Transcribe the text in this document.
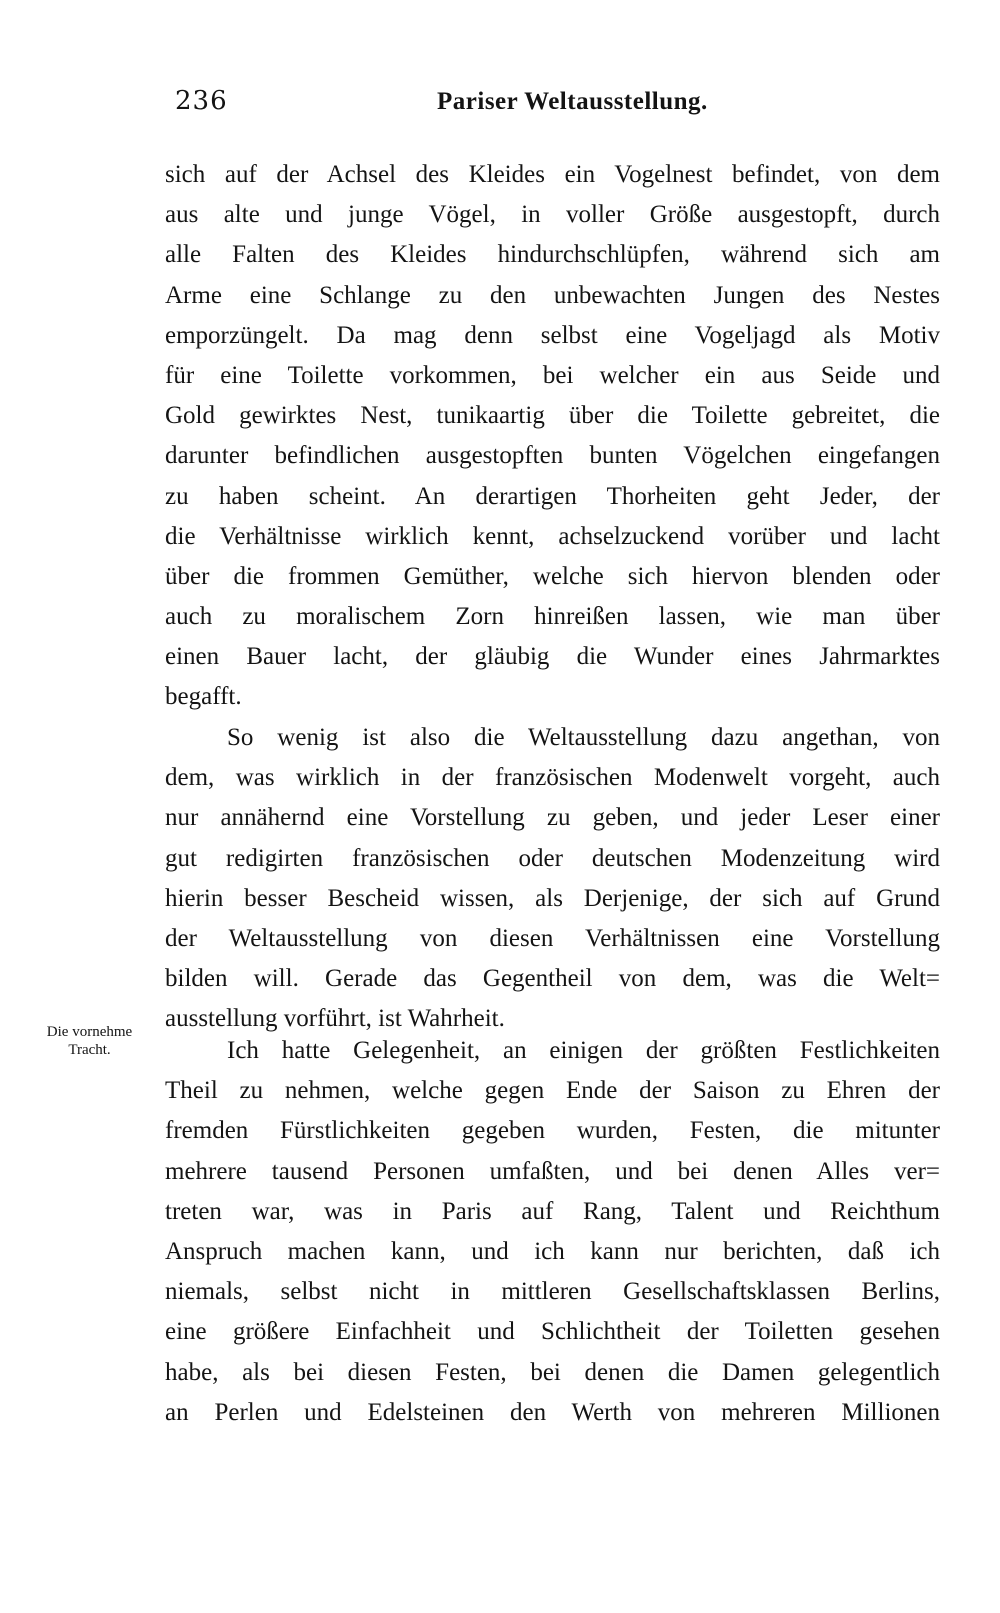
236	Pariser Weltausstellung.
sich auf der Achsel des Kleides ein Vogelnest befindet, von dem
aus alte und junge Vögel, in voller Größe ausgestopft, durch
alle Falten des Kleides hindurchschlüpfen, während sich am
Arme eine Schlange zu den unbewachten Jungen des Nestes
emporzüngelt. Da mag denn selbst eine Vogeljagd als Motiv
für eine Toilette vorkommen, bei welcher ein aus Seide und
Gold gewirktes Nest, tunikaartig über die Toilette gebreitet, die
darunter befindlichen ausgestopften bunten Vögelchen eingefangen
zu haben scheint. An derartigen Thorheiten geht Jeder, der
die Verhältnisse wirklich kennt, achselzuckend vorüber und lacht
über die frommen Gemüther, welche sich hiervon blenden oder
auch zu moralischem Zorn hinreißen lassen, wie man über
einen Bauer lacht, der gläubig die Wunder eines Jahrmarktes
begafft.
So wenig ist also die Weltausstellung dazu angethan, von
dem, was wirklich in der französischen Modenwelt vorgeht, auch
nur annähernd eine Vorstellung zu geben, und jeder Leser einer
gut redigirten französischen oder deutschen Modenzeitung wird
hierin besser Bescheid wissen, als Derjenige, der sich auf Grund
der Weltausstellung von diesen Verhältnissen eine Vorstellung
bilden will. Gerade das Gegentheil von dem, was die Welt=
ausstellung vorführt, ist Wahrheit.
Die vornehme
Tracht.	Ich hatte Gelegenheit, an einigen der größten Festlichkeiten
Theil zu nehmen, welche gegen Ende der Saison zu Ehren der
fremden Fürstlichkeiten gegeben wurden, Festen, die mitunter
mehrere tausend Personen umfaßten, und bei denen Alles ver=
treten war, was in Paris auf Rang, Talent und Reichthum
Anspruch machen kann, und ich kann nur berichten, daß ich
niemals, selbst nicht in mittleren Gesellschaftsklassen Berlins,
eine größere Einfachheit und Schlichtheit der Toiletten gesehen
habe, als bei diesen Festen, bei denen die Damen gelegentlich
an Perlen und Edelsteinen den Werth von mehreren Millionen
